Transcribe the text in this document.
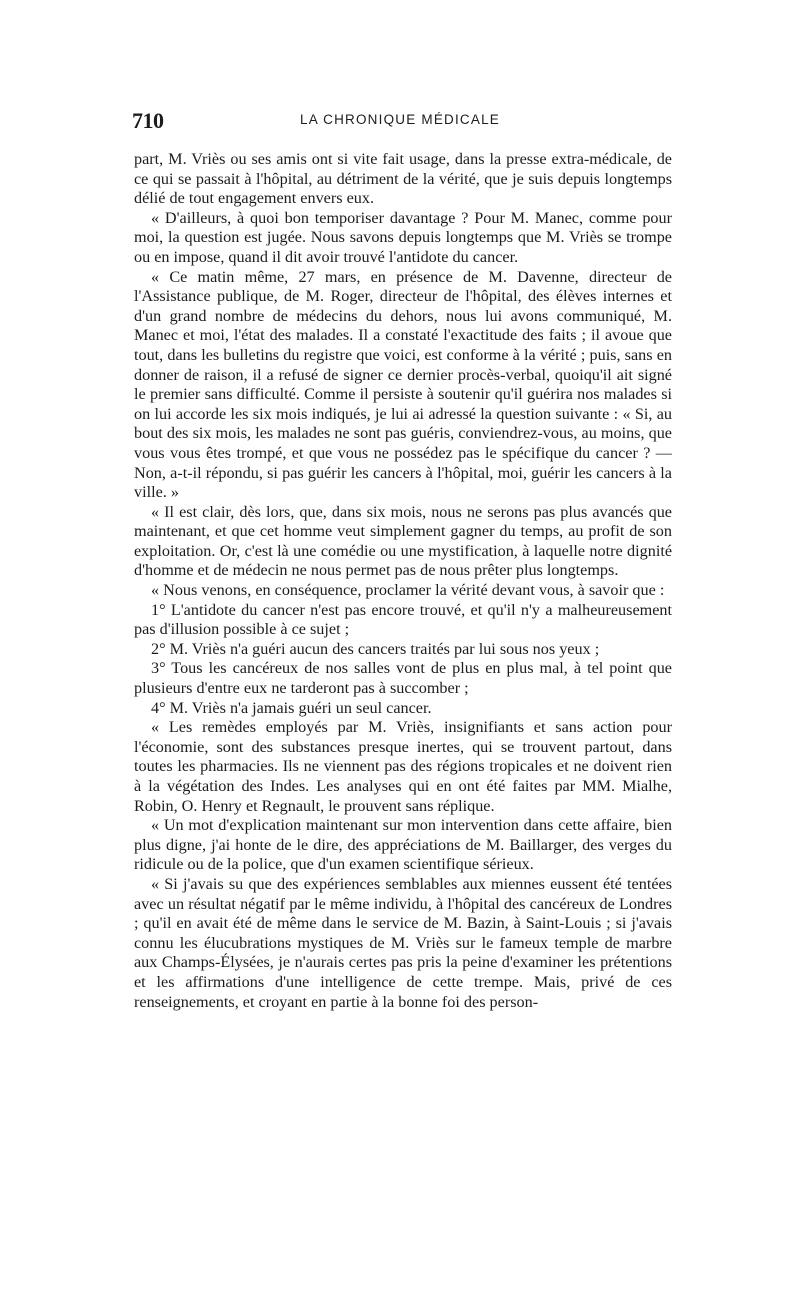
710	LA CHRONIQUE MÉDICALE

part, M. Vriès ou ses amis ont si vite fait usage, dans la presse extra-médicale, de ce qui se passait à l'hôpital, au détriment de la vérité, que je suis depuis longtemps délié de tout engagement envers eux.

« D'ailleurs, à quoi bon temporiser davantage ? Pour M. Manec, comme pour moi, la question est jugée. Nous savons depuis longtemps que M. Vriès se trompe ou en impose, quand il dit avoir trouvé l'antidote du cancer.

« Ce matin même, 27 mars, en présence de M. Davenne, directeur de l'Assistance publique, de M. Roger, directeur de l'hôpital, des élèves internes et d'un grand nombre de médecins du dehors, nous lui avons communiqué, M. Manec et moi, l'état des malades. Il a constaté l'exactitude des faits ; il avoue que tout, dans les bulletins du registre que voici, est conforme à la vérité ; puis, sans en donner de raison, il a refusé de signer ce dernier procès-verbal, quoiqu'il ait signé le premier sans difficulté. Comme il persiste à soutenir qu'il guérira nos malades si on lui accorde les six mois indiqués, je lui ai adressé la question suivante : « Si, au bout des six mois, les malades ne sont pas guéris, conviendrez-vous, au moins, que vous vous êtes trompé, et que vous ne possédez pas le spécifique du cancer ? — Non, a-t-il répondu, si pas guérir les cancers à l'hôpital, moi, guérir les cancers à la ville. »

« Il est clair, dès lors, que, dans six mois, nous ne serons pas plus avancés que maintenant, et que cet homme veut simplement gagner du temps, au profit de son exploitation. Or, c'est là une comédie ou une mystification, à laquelle notre dignité d'homme et de médecin ne nous permet pas de nous prêter plus longtemps.

« Nous venons, en conséquence, proclamer la vérité devant vous, à savoir que :

1° L'antidote du cancer n'est pas encore trouvé, et qu'il n'y a malheureusement pas d'illusion possible à ce sujet ;

2° M. Vriès n'a guéri aucun des cancers traités par lui sous nos yeux ;

3° Tous les cancéreux de nos salles vont de plus en plus mal, à tel point que plusieurs d'entre eux ne tarderont pas à succomber ;

4° M. Vriès n'a jamais guéri un seul cancer.

« Les remèdes employés par M. Vriès, insignifiants et sans action pour l'économie, sont des substances presque inertes, qui se trouvent partout, dans toutes les pharmacies. Ils ne viennent pas des régions tropicales et ne doivent rien à la végétation des Indes. Les analyses qui en ont été faites par MM. Mialhe, Robin, O. Henry et Regnault, le prouvent sans réplique.

« Un mot d'explication maintenant sur mon intervention dans cette affaire, bien plus digne, j'ai honte de le dire, des appréciations de M. Baillarger, des verges du ridicule ou de la police, que d'un examen scientifique sérieux.

« Si j'avais su que des expériences semblables aux miennes eussent été tentées avec un résultat négatif par le même individu, à l'hôpital des cancéreux de Londres ; qu'il en avait été de même dans le service de M. Bazin, à Saint-Louis ; si j'avais connu les élucubrations mystiques de M. Vriès sur le fameux temple de marbre aux Champs-Élysées, je n'aurais certes pas pris la peine d'examiner les prétentions et les affirmations d'une intelligence de cette trempe. Mais, privé de ces renseignements, et croyant en partie à la bonne foi des person-
